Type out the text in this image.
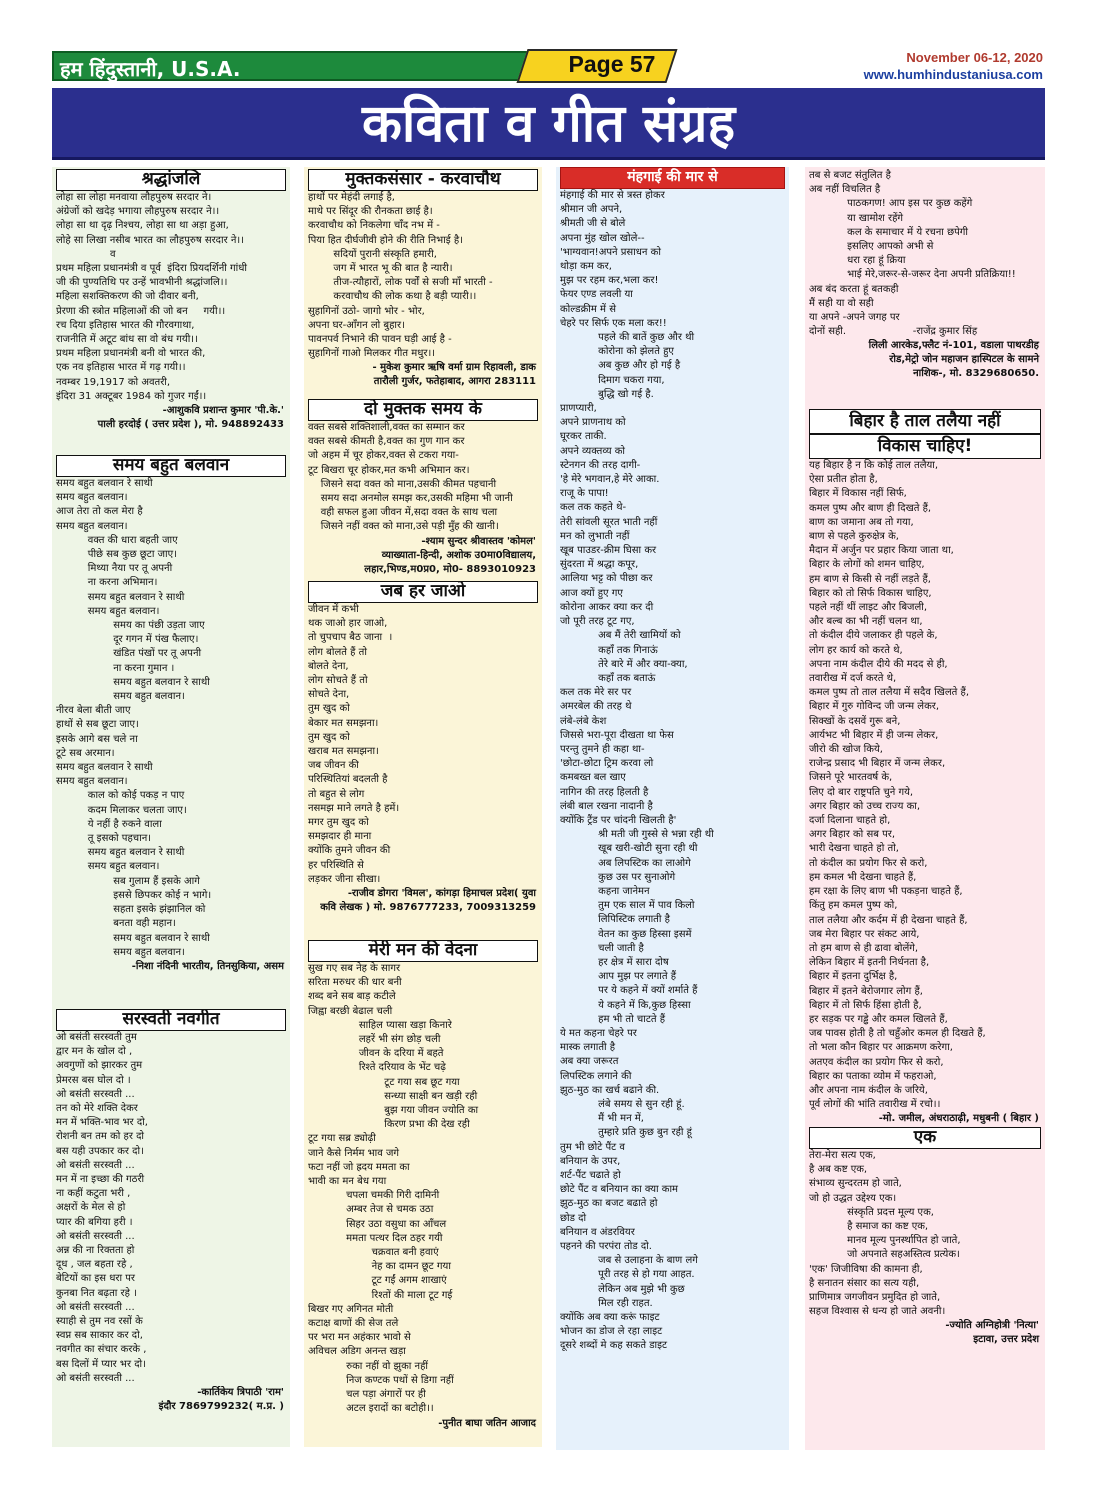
हम हिंदुस्तानी, U.S.A.	Page 57	November 06-12, 2020
www.humhindustaniusa.com
कविता व गीत संग्रह
श्रद्धांजलि
लोहा सा लोहा मनवाया लौहपुरुष सरदार ने।
अंग्रेजों को खदेड़ भगाया लौहपुरुष सरदार ने।।
लोहा सा था दृढ़ निश्चय, लोहा सा था अड़ा हुआ,
लोहे सा लिखा नसीब भारत का लौहपुरुष सरदार ने।।
व
प्रथम महिला प्रधानमंत्री व पूर्व  इंदिरा प्रियदर्शिनी गांधी
जी की पुण्यतिथि पर उन्हें भावभीनी श्रद्धांजलि।।
महिला सशक्तिकरण की जो दीवार बनी,
प्रेरणा की स्त्रोत महिलाओं की जो बन     गयी।।
रच दिया इतिहास भारत की गौरवगाथा,
राजनीति में अटूट बांध सा वो बंध गयी।।
प्रथम महिला प्रधानमंत्री बनी वो भारत की,
एक नव इतिहास भारत में गढ़ गयी।।
नवम्बर 19,1917 को अवतरी,
इंदिरा 31 अक्टूबर 1984 को गुजर गईं।।
-आशुकवि प्रशान्त कुमार 'पी.के.'
पाली हरदोई ( उत्तर प्रदेश ), मो. 948892433
समय बहुत बलवान
समय बहुत बलवान रे साथी
समय बहुत बलवान।
आज तेरा तो कल मेरा है
समय बहुत बलवान।
वक्त की धारा बहती जाए
पीछे सब कुछ छूटा जाए।
मिथ्या नैया पर तू अपनी
ना करना अभिमान।
समय बहुत बलवान रे साथी
समय बहुत बलवान।
समय का पंछी उड़ता जाए
दूर गगन में पंख फैलाए।
खंडित पंखों पर तू अपनी
ना करना गुमान ।
समय बहुत बलवान रे साथी
समय बहुत बलवान।
नीरव बेला बीती जाए
हाथों से सब छूटा जाए।
इसके आगे बस चले ना
टूटे सब अरमान।
समय बहुत बलवान रे साथी
समय बहुत बलवान।
काल को कोई पकड़ न पाए
कदम मिलाकर चलता जाए।
ये नहीं है रुकने वाला
तू इसको पहचान।
समय बहुत बलवान रे साथी
समय बहुत बलवान।
सब गुलाम हैं इसके आगे
इससे छिपकर कोई न भागे।
सहता इसके झंझानिल को
बनता वही महान।
समय बहुत बलवान रे साथी
समय बहुत बलवान।
-निशा नंदिनी भारतीय, तिनसुकिया, असम
सरस्वती नवगीत
ओ बसंती सरस्वती तुम
द्वार मन के खोल दो ,
अवगुणों को झारकर तुम
प्रेमरस बस घोल दो ।
ओ बसंती सरस्वती ...
तन को मेरे शक्ति देकर
मन में भक्ति-भाव भर दो,
रोशनी बन तम को हर दो
बस यही उपकार कर दो।
ओ बसंती सरस्वती ...
मन में ना इच्छा की गठरी
ना कहीं कटुता भरी ,
अक्षरों के मेल से हो
प्यार की बगिया हरी ।
ओ बसंती सरस्वती ...
अन्न की ना रिक्तता हो
दूध , जल बहता रहे ,
बेटियों का इस धरा पर
कुनबा नित बढ़ता रहे ।
ओ बसंती सरस्वती ...
स्याही से तुम नव रसों के
स्वप्न सब साकार कर दो,
नवगीत का संचार करके ,
बस दिलों में प्यार भर दो।
ओ बसंती सरस्वती ...
-कार्तिकेय त्रिपाठी 'राम'
इंदौर 7869799232( म.प्र. )
मुक्तकसंसार - करवाचौथ
हाथों पर मेहंदी लगाई है,
माथे पर सिंदूर की रौनकता छाई है।
करवाचौथ को निकलेगा चाँद नभ में -
पिया हित दीर्घजीवी होने की रीति निभाई है।
सदियों पुरानी संस्कृति हमारी,
जग में भारत भू की बात है न्यारी।
तीज-त्यौहारों, लोक पर्वों से सजी माँ भारती -
करवाचौथ की लोक कथा है बड़ी प्यारी।।
सुहागिनों उठो- जागो भोर - भोर,
अपना घर-आँगन लो बुहार।
पावनपर्व निभाने की पावन घड़ी आई है -
सुहागिनों गाओ मिलकर गीत मधुर।।
- मुकेश कुमार ऋषि वर्मा ग्राम रिहावली, डाक
तारौली गुर्जर, फतेहाबाद, आगरा 283111
दो मुक्तक समय के
वक्त सबसे शक्तिशाली,वक्त का सम्मान कर
वक्त सबसे कीमती है,वक्त का गुण गान कर
जो अहम में चूर होकर,वक्त से टकरा गया-
टूट बिखरा चूर होकर,मत कभी अभिमान कर।
जिसने सदा वक्त को माना,उसकी कीमत पहचानी
समय सदा अनमोल समझ कर,उसकी महिमा भी जानी
वही सफल हुआ जीवन में,सदा वक्त के साथ चला
जिसने नहीं वक्त को माना,उसे पड़ी मुँह की खानी।
-श्याम सुन्दर श्रीवास्तव 'कोमल'
व्याख्याता-हिन्दी, अशोक उ0मा0विद्यालय,
लहार,भिण्ड,म0प्र0, मो0- 8893010923
जब हर जाओ
जीवन में कभी
थक जाओ हार जाओ,
तो चुपचाप बैठ जाना  ।
लोग बोलते हैं तो
बोलते देना,
लोग सोचते हैं तो
सोचते देना,
तुम खुद को
बेकार मत समझना।
तुम खुद को
खराब मत समझना।
जब जीवन की
परिस्थितियां बदलती है
तो बहुत से लोग
नसमझ माने लगते है हमें।
मगर तुम खुद को
समझदार ही माना
क्योंकि तुमने जीवन की
हर परिस्थिति से
लड़कर जीना सीखा।
-राजीव डोगरा 'विमल', कांगड़ा हिमाचल प्रदेश( युवा
कवि लेखक ) मो. 9876777233, 7009313259
मेरी मन की वेदना
सुख गए सब नेह के सागर
सरिता मरुधर की धार बनी
शब्द बने सब बाड़ कटीले
जिह्वा बरछी बेढाल चली
साहिल प्यासा खड़ा किनारे
लहरें भी संग छोड़ चली
जीवन के दरिया में बहते
रिश्ते दरियाव के भेंट चढ़े
टूट गया सब छूट गया
सन्ध्या साक्षी बन खड़ी रही
बुझ गया जीवन ज्योति का
किरण प्रभा की देख रही
टूट गया सब्र ड्योढ़ी
जाने कैसे निर्मम भाव जगे
फटा नहीं जो ह्रदय ममता का
भावी का मन बेध गया
चपला चमकी गिरी दामिनी
अम्बर तेज से चमक उठा
सिहर उठा वसुधा का आँचल
ममता पत्थर दिल ठहर गयी
चक्रवात बनी हवाएं
नेह का दामन छूट गया
टूट गईं अगम शाखाएं
रिश्तों की माला टूट गई
बिखर गए अगिनत मोती
कटाक्ष बाणों की सेज तले
पर भरा मन अहंकार भावो से
अविचल अडिग अनन्त खड़ा
रुका नहीं वो झुका नहीं
निज कण्टक पथों से डिगा नहीं
चल पड़ा अंगारों पर ही
अटल इरादों का बटोही।।
-पुनीत बाघा जतिन आजाद
मंहगाई की मार से
मंहगाई की मार से त्रस्त होकर
श्रीमान जी अपने,
श्रीमती जी से बोले
अपना मुंह खोल खोले--
'भाग्यवान!अपने प्रसाधन को
थोड़ा कम कर,
मुझ पर रहम कर,भला कर!
फेयर एण्ड लवली या
कोल्डक्रीम में से
चेहरे पर सिर्फ एक मला कर!!
पहले की बातें कुछ और थी
कोरोना को झेलते हुए
अब कुछ और हो गई है
दिमाग चकरा गया,
बुद्धि खो गई है.
प्राणप्यारी,
अपने प्राणनाथ को
घूरकर ताकी.
अपने व्यक्तव्य को
स्टेनगन की तरह दागी-
'हे मेरे भगवान,हे मेरे आका.
राजू के पापा!
कल तक कहते थे-
तेरी सांवली सूरत भाती नहीं
मन को लुभाती नहीं
खूब पाउडर-क्रीम घिसा कर
सुंदरता में श्रद्धा कपूर,
आलिया भट्ट को पीछा कर
आज क्यों हुए गए
कोरोना आकर क्या कर दी
जो पूरी तरह टूट गए,
अब मैं तेरी खामियों को
कहाँ तक गिनाऊं
तेरे बारे में और क्या-क्या,
कहाँ तक बताऊं
कल तक मेरे सर पर
अमरबेल की तरह थे
लंबे-लंबे केश
जिससे भरा-पूरा दीखता था फेस
परन्तु तुमने ही कहा था-
'छोटा-छोटा ट्रिम करवा लो
कमबख्त बल खाए
नागिन की तरह हिलती है
लंबी बाल रखना नादानी है
क्योंकि ट्रैंड पर चांदनी खिलती है'
श्री मती जी गुस्से से भन्ना रही थी
खूब खरी-खोटी सुना रही थी
अब लिपस्टिक का लाओगे
कुछ उस पर सुनाओगे
कहना जानेमन
तुम एक साल में पाव किलो
लिपिस्टिक लगाती है
वेतन का कुछ हिस्सा इसमें
चली जाती है
हर क्षेत्र में सारा दोष
आप मुझ पर लगाते हैं
पर ये कहने में क्यों शर्माते हैं
ये कहने में कि,कुछ हिस्सा
हम भी तो चाटते हैं
ये मत कहना चेहरे पर
मास्क लगाती है
अब क्या जरूरत
लिपस्टिक लगाने की
झुठ-मुठ का खर्च बढाने की.
लंबे समय से सुन रही हूं.
मैं भी मन में,
तुम्हारे प्रति कुछ बुन रही हूं
तुम भी छोटे पैंट व
बनियान के उपर,
शर्ट-पैंट चढाते हो
छोटे पैंट व बनियान का क्या काम
झुठ-मुठ का बजट बढाते हो
छोड दो
बनियान व अंडरवियर
पहनने की परपंरा तोड दो.
जब से उलाहना के बाण लगे
पूरी तरह से हो गया आहत.
लेकिन अब मुझे भी कुछ
मिल रही राहत.
क्योंकि अब क्या करूं फाइट
भोजन का डोज ले रहा लाइट
दूसरे शब्दों मे कह सकते डाइट
तब से बजट संतुलित है
अब नहीं विचलित है
पाठकगण! आप इस पर कुछ कहेंगे
या खामोश रहेंगे
कल के समाचार में ये रचना छपेगी
इसलिए आपको अभी से
धरा रहा हूं क्रिया
भाई मेरे,जरूर-से-जरूर देना अपनी प्रतिक्रिया!!
अब बंद करता हूं बतकही
मैं सही या वो सही
या अपने -अपने जगह पर
दोनों सही.                     -राजेंद्र कुमार सिंह
लिली आरकेड,फ्लैट नं-101, वडाला पाथरडीह
रोड,मेट्रो जोन महाजन हास्पिटल के सामने
नाशिक-, मो. 8329680650.
बिहार है ताल तलैया नहीं
विकास चाहिए!
यह बिहार है न कि कोई ताल तलैया,
ऐसा प्रतीत होता है,
बिहार में विकास नहीं सिर्फ,
कमल पुष्प और बाण ही दिखते हैं,
बाण का जमाना अब तो गया,
बाण से पहले कुरुक्षेत्र के,
मैदान में अर्जुन पर प्रहार किया जाता था,
बिहार के लोगों को शमन चाहिए,
हम बाण से किसी से नहीं लड़ते हैं,
बिहार को तो सिर्फ विकास चाहिए,
पहले नहीं थीं लाइट और बिजली,
और बल्ब का भी नहीं चलन था,
तो कंदील दीये जलाकर ही पहले के,
लोग हर कार्य को करते थे,
अपना नाम कंदील दीये की मदद से ही,
तवारीख में दर्ज करते थे,
कमल पुष्प तो ताल तलैया में सदैव खिलते हैं,
बिहार में गुरु गोविन्द जी जन्म लेकर,
सिक्खों के दसवें गुरू बने,
आर्यभट भी बिहार में ही जन्म लेकर,
जीरो की खोज किये,
राजेन्द्र प्रसाद भी बिहार में जन्म लेकर,
जिसने पूरे भारतवर्ष के,
लिए दो बार राष्ट्रपति चुने गये,
अगर बिहार को उच्च राज्य का,
दर्जा दिलाना चाहते हो,
अगर बिहार को सब पर,
भारी देखना चाहते हो तो,
तो कंदील का प्रयोग फिर से करो,
हम कमल भी देखना चाहते हैं,
हम रक्षा के लिए बाण भी पकड़ना चाहते हैं,
किंतु हम कमल पुष्प को,
ताल तलैया और कर्दम में ही देखना चाहते हैं,
जब मेरा बिहार पर संकट आये,
तो हम बाण से ही ढावा बोलेंगे,
लेकिन बिहार में इतनी निर्धनता है,
बिहार में इतना दुर्भिक्ष है,
बिहार में इतने बेरोजगार लोग हैं,
बिहार में तो सिर्फ हिंसा होती है,
हर सड़क पर गड्ढे और कमल खिलते हैं,
जब पावस होती है तो चहुँओर कमल ही दिखते हैं,
तो भला कौन बिहार पर आक्रमण करेगा,
अतएव कंदील का प्रयोग फिर से करो,
बिहार का पताका व्योम में फहराओ,
और अपना नाम कंदील के जरिये,
पूर्व लोगों की भांति तवारीख में रचो।।
-मो. जमील, अंधराठाढ़ी, मधुबनी ( बिहार )
एक
तेरा-मेरा सत्य एक,
है अब कष्ट एक,
संभाव्य सुन्दरतम हो जाते,
जो हो उद्धत उद्देश्य एक।
संस्कृति प्रदत्त मूल्य एक,
है समाज का कष्ट एक,
मानव मूल्य पुनर्स्थापित हो जाते,
जो अपनाते सहअस्तित्व प्रत्येक।
'एक' जिजीविषा की कामना ही,
है सनातन संसार का सत्य यही,
प्राणिमात्र जगजीवन प्रमुदित हो जाते,
सहज विश्वास से धन्य हो जाते अवनी।
-ज्योति अग्निहोत्री 'नित्या'
इटावा, उत्तर प्रदेश
